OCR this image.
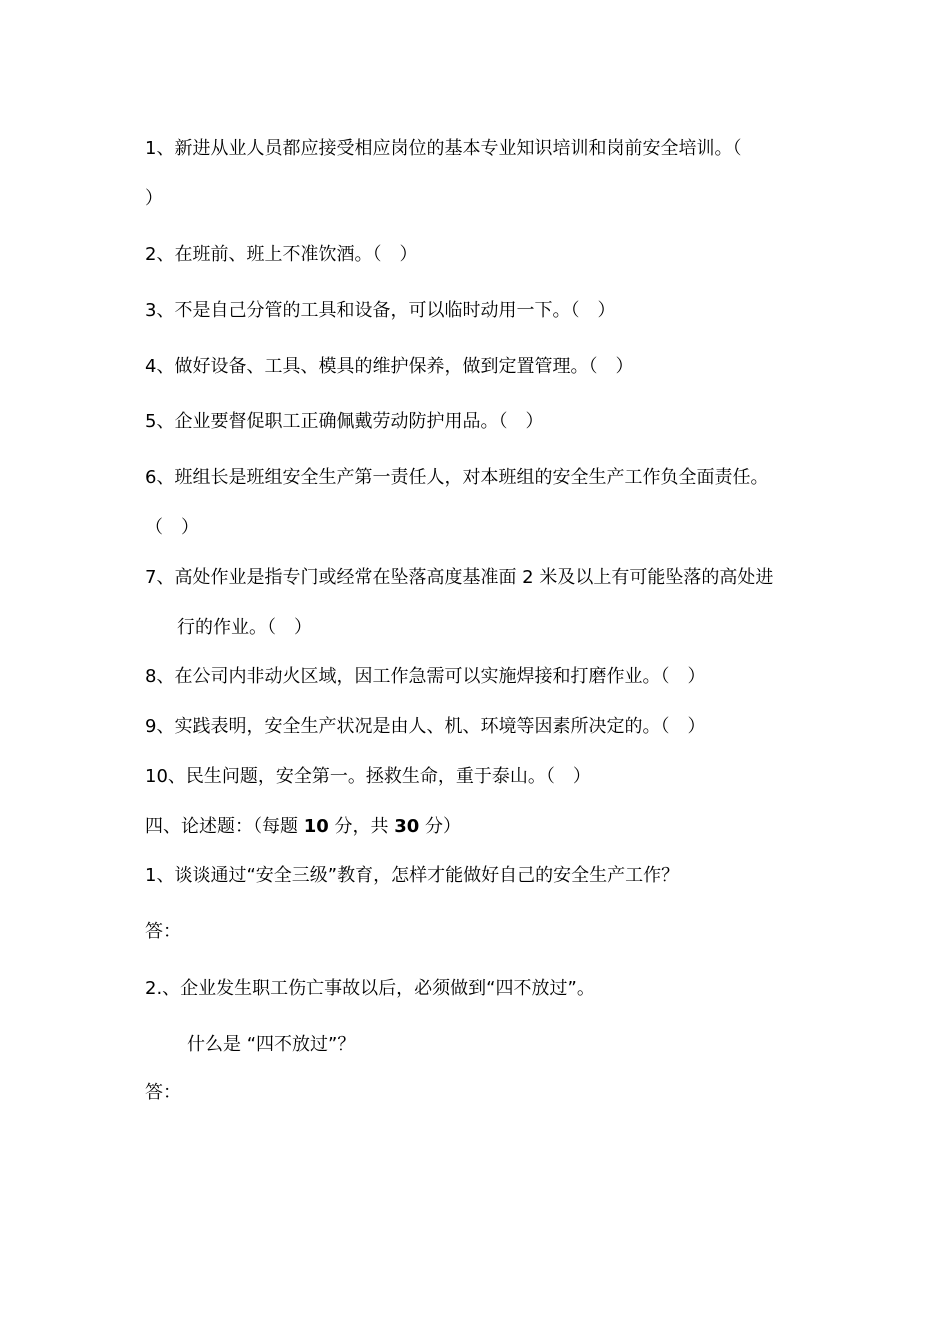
1、新进从业人员都应接受相应岗位的基本专业知识培训和岗前安全培训。（
）
2、在班前、班上不准饮酒。（　）
3、不是自己分管的工具和设备，可以临时动用一下。（　）
4、做好设备、工具、模具的维护保养，做到定置管理。（　）
5、企业要督促职工正确佩戴劳动防护用品。（　）
6、班组长是班组安全生产第一责任人，对本班组的安全生产工作负全面责任。
（　）
7、高处作业是指专门或经常在坠落高度基准面 2 米及以上有可能坠落的高处进
行的作业。（　）
8、在公司内非动火区域，因工作急需可以实施焊接和打磨作业。（　）
9、实践表明，安全生产状况是由人、机、环境等因素所决定的。（　）
10、民生问题，安全第一。拯救生命，重于泰山。（　）
四、论述题：（每题 10 分，共 30 分）
1、谈谈通过“安全三级”教育，怎样才能做好自己的安全生产工作？
答：
2.、企业发生职工伤亡事故以后，必须做到“四不放过”。
什么是 “四不放过”？
答：
